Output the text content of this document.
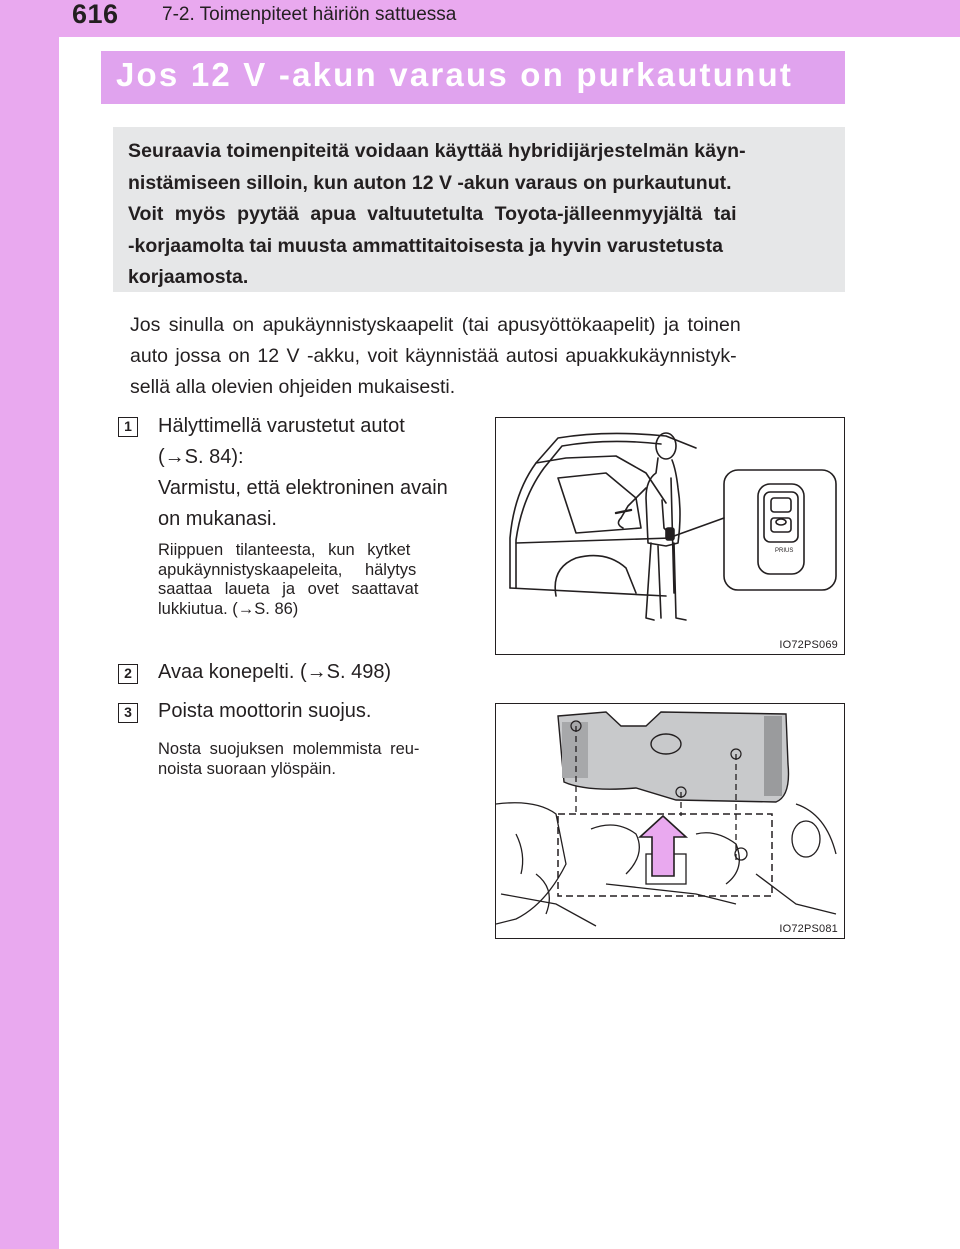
616 7-2. Toimenpiteet häiriön sattuessa
Jos 12 V -akun varaus on purkautunut
Seuraavia toimenpiteitä voidaan käyttää hybridijärjestelmän käyn-
nistämiseen silloin, kun auton 12 V -akun varaus on purkautunut.
Voit myös pyytää apua valtuutetulta Toyota-jälleenmyyjältä tai
-korjaamolta tai muusta ammattitaitoisesta ja hyvin varustetusta
korjaamosta.
Jos sinulla on apukäynnistyskaapelit (tai apusyöttökaapelit) ja toinen
auto jossa on 12 V -akku, voit käynnistää autosi apuakkukäynnistyk-
sellä alla olevien ohjeiden mukaisesti.
1	Hälyttimellä varustetut autot
(→S. 84):
Varmistu, että elektroninen avain
on mukanasi.
Riippuen tilanteesta, kun kytket
apukäynnistyskaapeleita, hälytys
saattaa laueta ja ovet saattavat
lukkiutua. (→S. 86)
PRIUS
IO72PS069
2	Avaa konepelti. (→S. 498)
3	Poista moottorin suojus.
Nosta suojuksen molemmista reu-
noista suoraan ylöspäin.
IO72PS081
